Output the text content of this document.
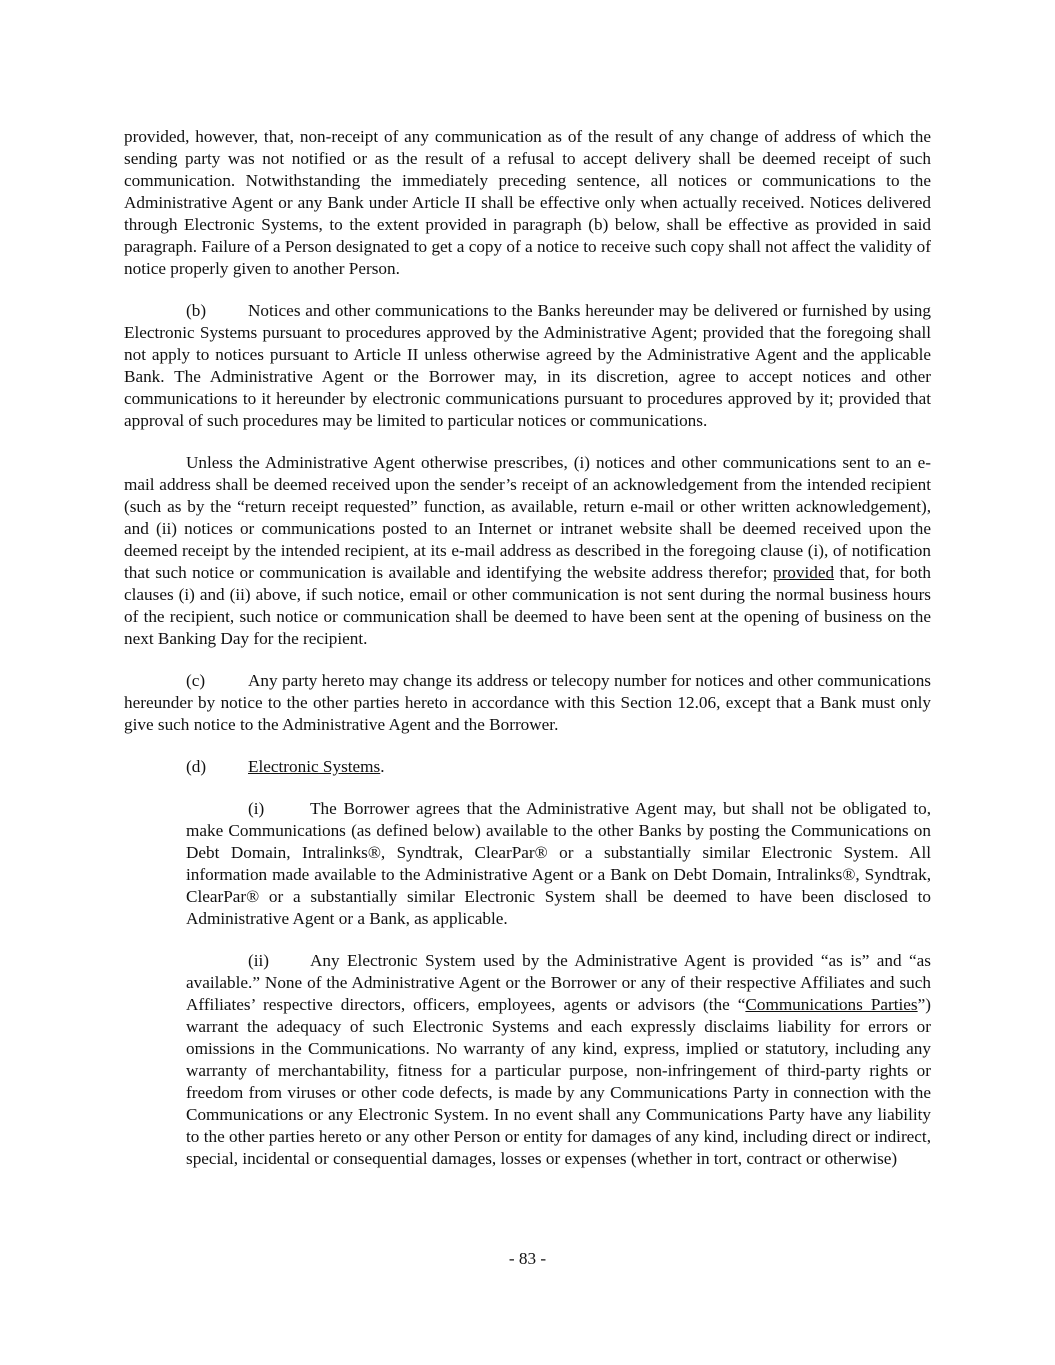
provided, however, that, non-receipt of any communication as of the result of any change of address of which the sending party was not notified or as the result of a refusal to accept delivery shall be deemed receipt of such communication. Notwithstanding the immediately preceding sentence, all notices or communications to the Administrative Agent or any Bank under Article II shall be effective only when actually received. Notices delivered through Electronic Systems, to the extent provided in paragraph (b) below, shall be effective as provided in said paragraph. Failure of a Person designated to get a copy of a notice to receive such copy shall not affect the validity of notice properly given to another Person.

(b) Notices and other communications to the Banks hereunder may be delivered or furnished by using Electronic Systems pursuant to procedures approved by the Administrative Agent; provided that the foregoing shall not apply to notices pursuant to Article II unless otherwise agreed by the Administrative Agent and the applicable Bank. The Administrative Agent or the Borrower may, in its discretion, agree to accept notices and other communications to it hereunder by electronic communications pursuant to procedures approved by it; provided that approval of such procedures may be limited to particular notices or communications.

Unless the Administrative Agent otherwise prescribes, (i) notices and other communications sent to an e-mail address shall be deemed received upon the sender’s receipt of an acknowledgement from the intended recipient (such as by the “return receipt requested” function, as available, return e-mail or other written acknowledgement), and (ii) notices or communications posted to an Internet or intranet website shall be deemed received upon the deemed receipt by the intended recipient, at its e-mail address as described in the foregoing clause (i), of notification that such notice or communication is available and identifying the website address therefor; provided that, for both clauses (i) and (ii) above, if such notice, email or other communication is not sent during the normal business hours of the recipient, such notice or communication shall be deemed to have been sent at the opening of business on the next Banking Day for the recipient.

(c) Any party hereto may change its address or telecopy number for notices and other communications hereunder by notice to the other parties hereto in accordance with this Section 12.06, except that a Bank must only give such notice to the Administrative Agent and the Borrower.

(d) Electronic Systems.

(i)	The Borrower agrees that the Administrative Agent may, but shall not be obligated to, make Communications (as defined below) available to the other Banks by posting the Communications on Debt Domain, Intralinks®, Syndtrak, ClearPar® or a substantially similar Electronic System. All information made available to the Administrative Agent or a Bank on Debt Domain, Intralinks®, Syndtrak, ClearPar® or a substantially similar Electronic System shall be deemed to have been disclosed to Administrative Agent or a Bank, as applicable.

(ii) Any Electronic System used by the Administrative Agent is provided “as is” and “as available.” None of the Administrative Agent or the Borrower or any of their respective Affiliates and such Affiliates’ respective directors, officers, employees, agents or advisors (the “Communications Parties”) warrant the adequacy of such Electronic Systems and each expressly disclaims liability for errors or omissions in the Communications. No warranty of any kind, express, implied or statutory, including any warranty of merchantability, fitness for a particular purpose, non-infringement of third-party rights or freedom from viruses or other code defects, is made by any Communications Party in connection with the Communications or any Electronic System. In no event shall any Communications Party have any liability to the other parties hereto or any other Person or entity for damages of any kind, including direct or indirect, special, incidental or consequential damages, losses or expenses (whether in tort, contract or otherwise)

- 83 -
